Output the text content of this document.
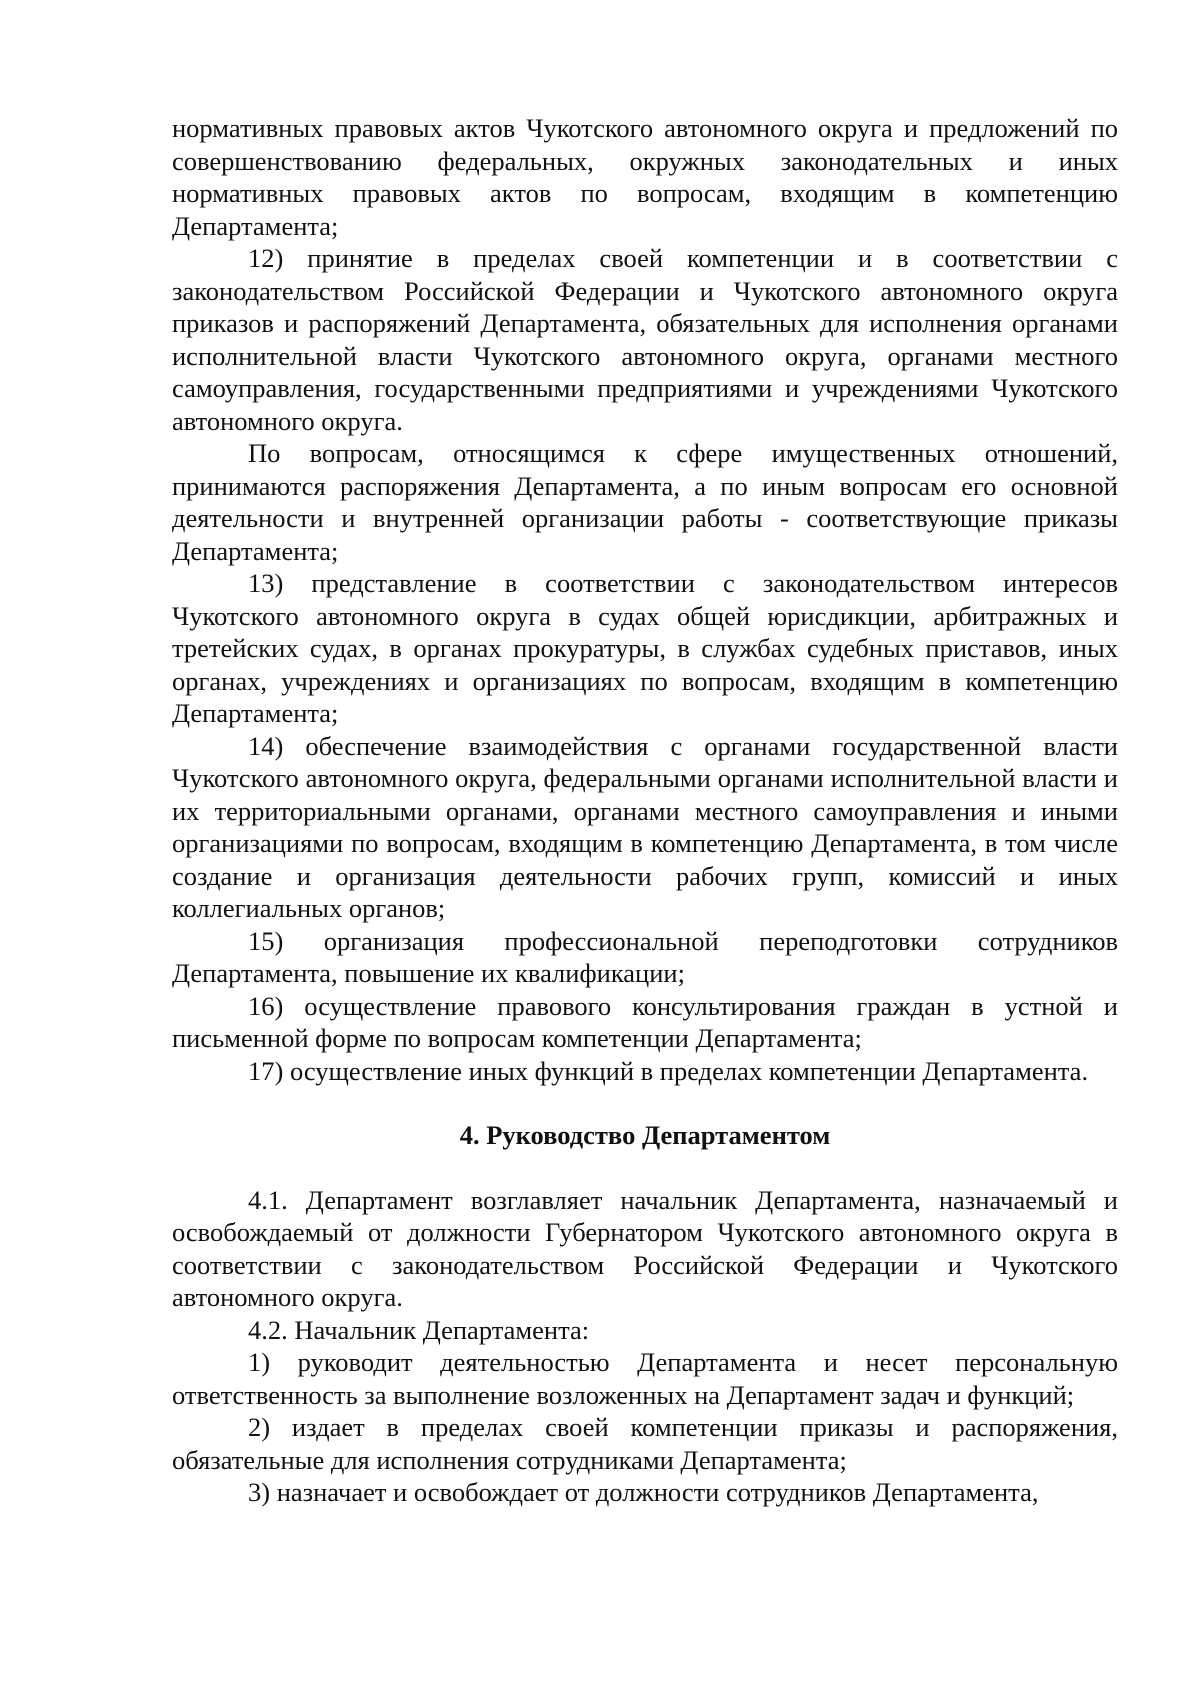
нормативных правовых актов Чукотского автономного округа и предложений по совершенствованию федеральных, окружных законодательных и иных нормативных правовых актов по вопросам, входящим в компетенцию Департамента;

12) принятие в пределах своей компетенции и в соответствии с законодательством Российской Федерации и Чукотского автономного округа приказов и распоряжений Департамента, обязательных для исполнения органами исполнительной власти Чукотского автономного округа, органами местного самоуправления, государственными предприятиями и учреждениями Чукотского автономного округа.

По вопросам, относящимся к сфере имущественных отношений, принимаются распоряжения Департамента, а по иным вопросам его основной деятельности и внутренней организации работы - соответствующие приказы Департамента;

13) представление в соответствии с законодательством интересов Чукотского автономного округа в судах общей юрисдикции, арбитражных и третейских судах, в органах прокуратуры, в службах судебных приставов, иных органах, учреждениях и организациях по вопросам, входящим в компетенцию Департамента;

14) обеспечение взаимодействия с органами государственной власти Чукотского автономного округа, федеральными органами исполнительной власти и их территориальными органами, органами местного самоуправления и иными организациями по вопросам, входящим в компетенцию Департамента, в том числе создание и организация деятельности рабочих групп, комиссий и иных коллегиальных органов;

15) организация профессиональной переподготовки сотрудников Департамента, повышение их квалификации;

16) осуществление правового консультирования граждан в устной и письменной форме по вопросам компетенции Департамента;

17) осуществление иных функций в пределах компетенции Департамента.

4. Руководство Департаментом

4.1. Департамент возглавляет начальник Департамента, назначаемый и освобождаемый от должности Губернатором Чукотского автономного округа в соответствии с законодательством Российской Федерации и Чукотского автономного округа.

4.2. Начальник Департамента:

1) руководит деятельностью Департамента и несет персональную ответственность за выполнение возложенных на Департамент задач и функций;

2) издает в пределах своей компетенции приказы и распоряжения, обязательные для исполнения сотрудниками Департамента;

3) назначает и освобождает от должности сотрудников Департамента,
